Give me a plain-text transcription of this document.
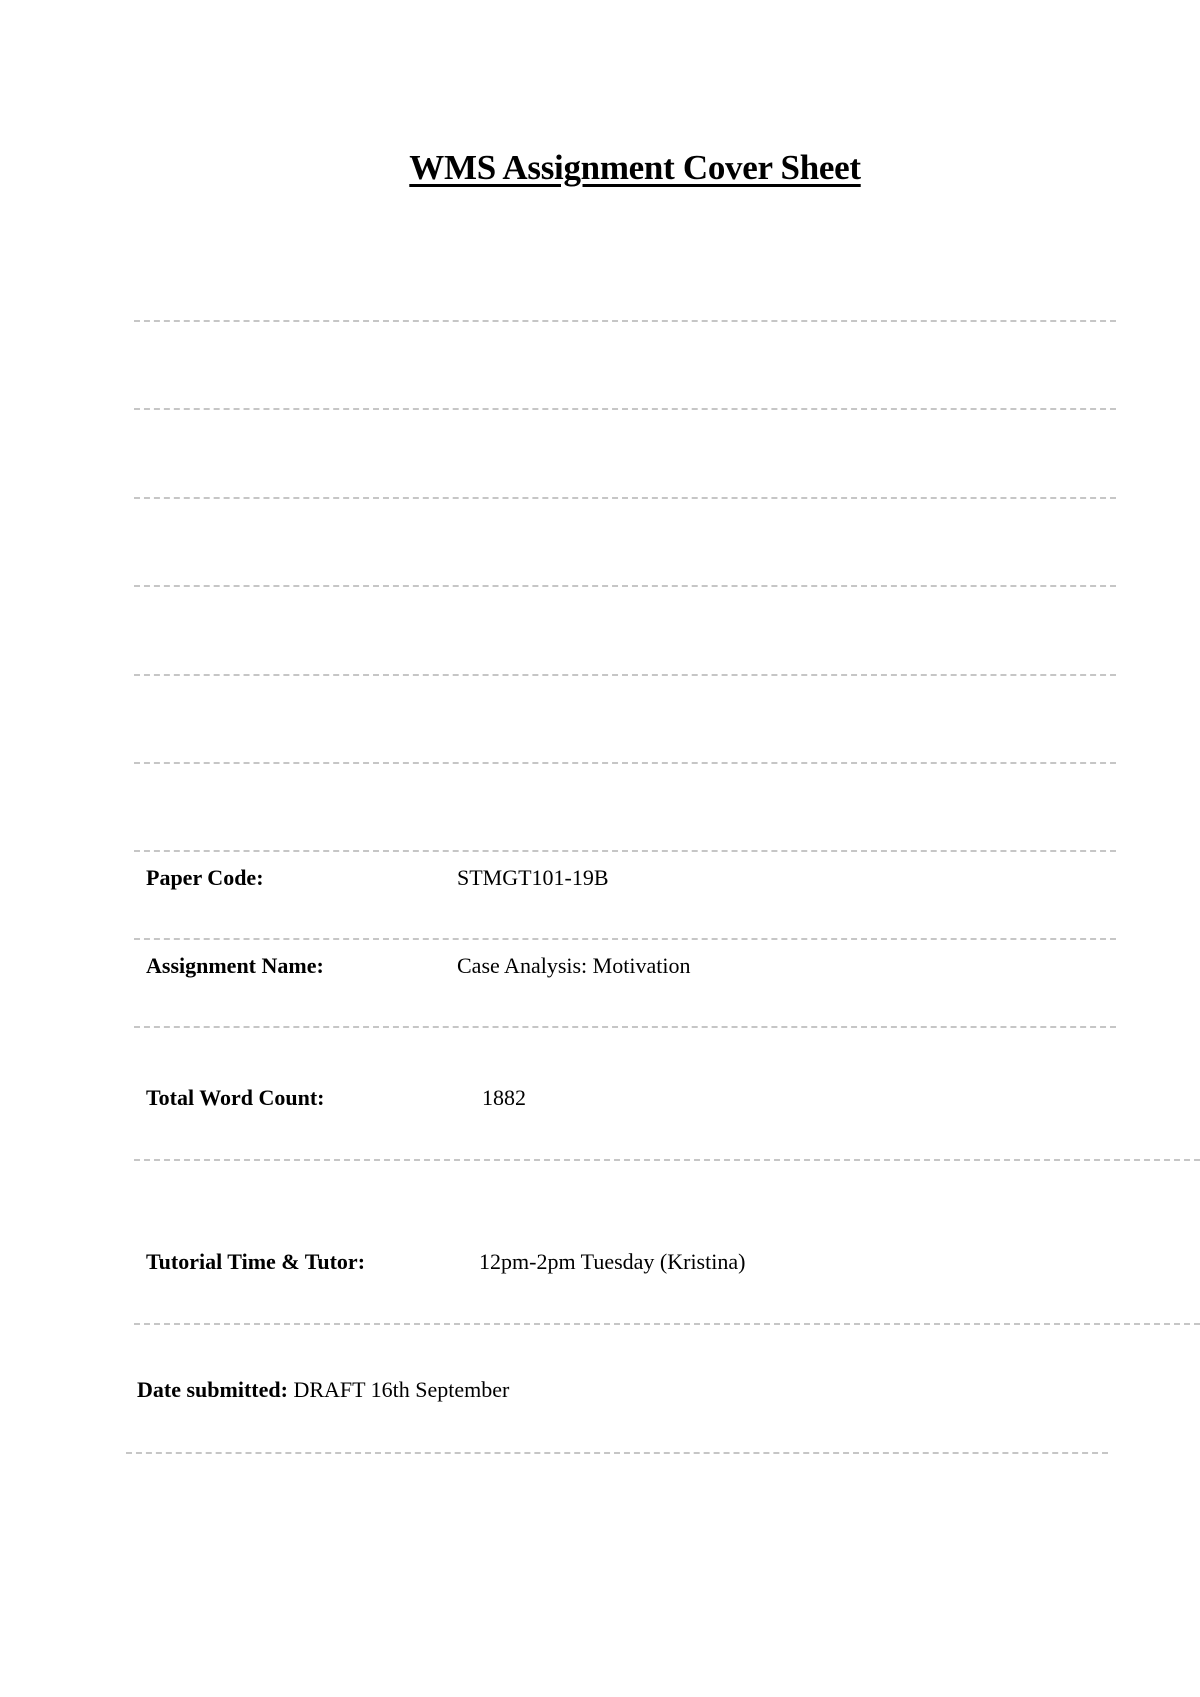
WMS Assignment Cover Sheet
Paper Code:	STMGT101-19B
Assignment Name:	Case Analysis: Motivation
Total Word Count:	1882
Tutorial Time & Tutor:	12pm-2pm Tuesday (Kristina)
Date submitted: DRAFT 16th September
